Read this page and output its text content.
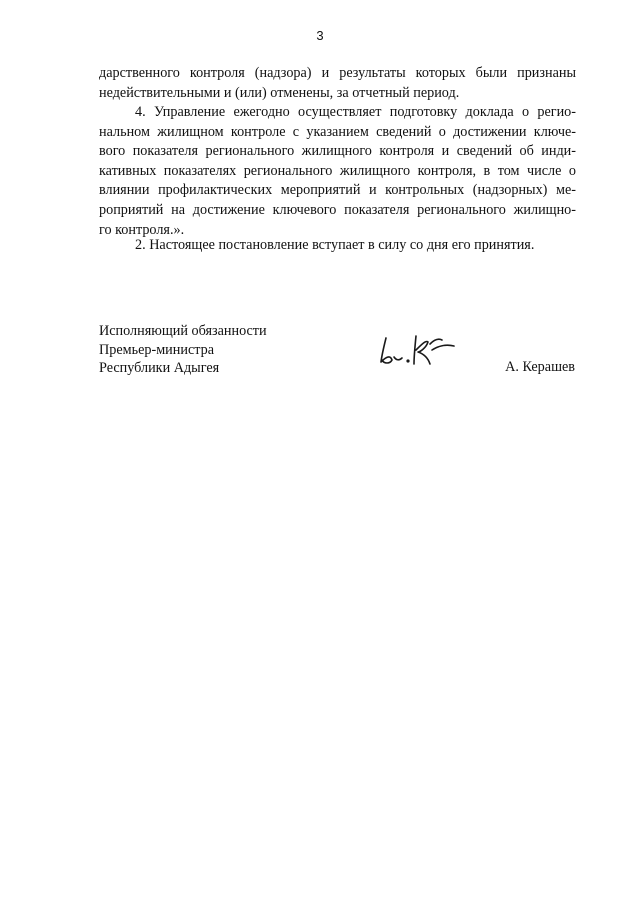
3
дарственного контроля (надзора) и результаты которых были признаны
недействительными и (или) отменены, за отчетный период.
4. Управление ежегодно осуществляет подготовку доклада о регио-
нальном жилищном контроле с указанием сведений о достижении ключе-
вого показателя регионального жилищного контроля и сведений об инди-
кативных показателях регионального жилищного контроля, в том числе о
влиянии профилактических мероприятий и контрольных (надзорных) ме-
роприятий на достижение ключевого показателя регионального жилищно-
го контроля.».
2. Настоящее постановление вступает в силу со дня его принятия.
Исполняющий обязанности
Премьер-министра
Республики Адыгея	А. Керашев
